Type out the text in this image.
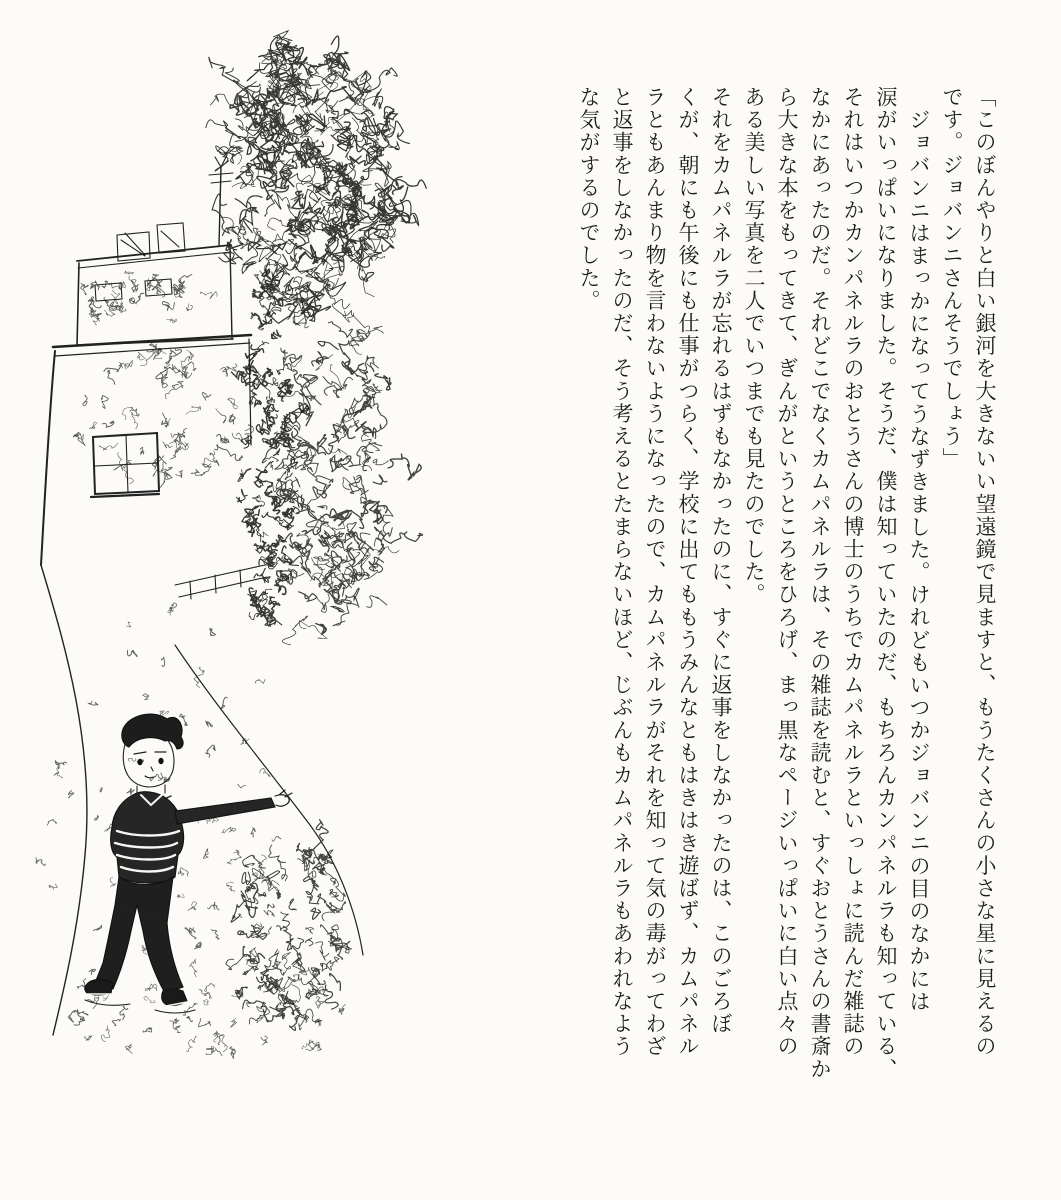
「このぼんやりと白い銀河を大きないい望遠鏡で見ますと、もうたくさんの小さな星に見えるの

です。ジョバンニさんそうでしょう」

ジョバンニはまっかになってうなずきました。けれどもいつかジョバンニの目のなかには

涙がいっぱいになりました。そうだ、僕は知っていたのだ、もちろんカンパネルラも知っている、

それはいつかカンパネルラのおとうさんの博士のうちでカムパネルラといっしょに読んだ雑誌の

なかにあったのだ。それどこでなくカムパネルラは、その雑誌を読むと、すぐおとうさんの書斎か

ら大きな本をもってきて、ぎんがというところをひろげ、まっ黒なページいっぱいに白い点々の

ある美しい写真を二人でいつまでも見たのでした。

それをカムパネルラが忘れるはずもなかったのに、すぐに返事をしなかったのは、このごろぼ

くが、朝にも午後にも仕事がつらく、学校に出てももうみんなともはきはき遊ばず、カムパネル

ラともあんまり物を言わないようになったので、カムパネルラがそれを知って気の毒がってわざ

と返事をしなかったのだ、そう考えるとたまらないほど、じぶんもカムパネルラもあわれなよう

な気がするのでした。
